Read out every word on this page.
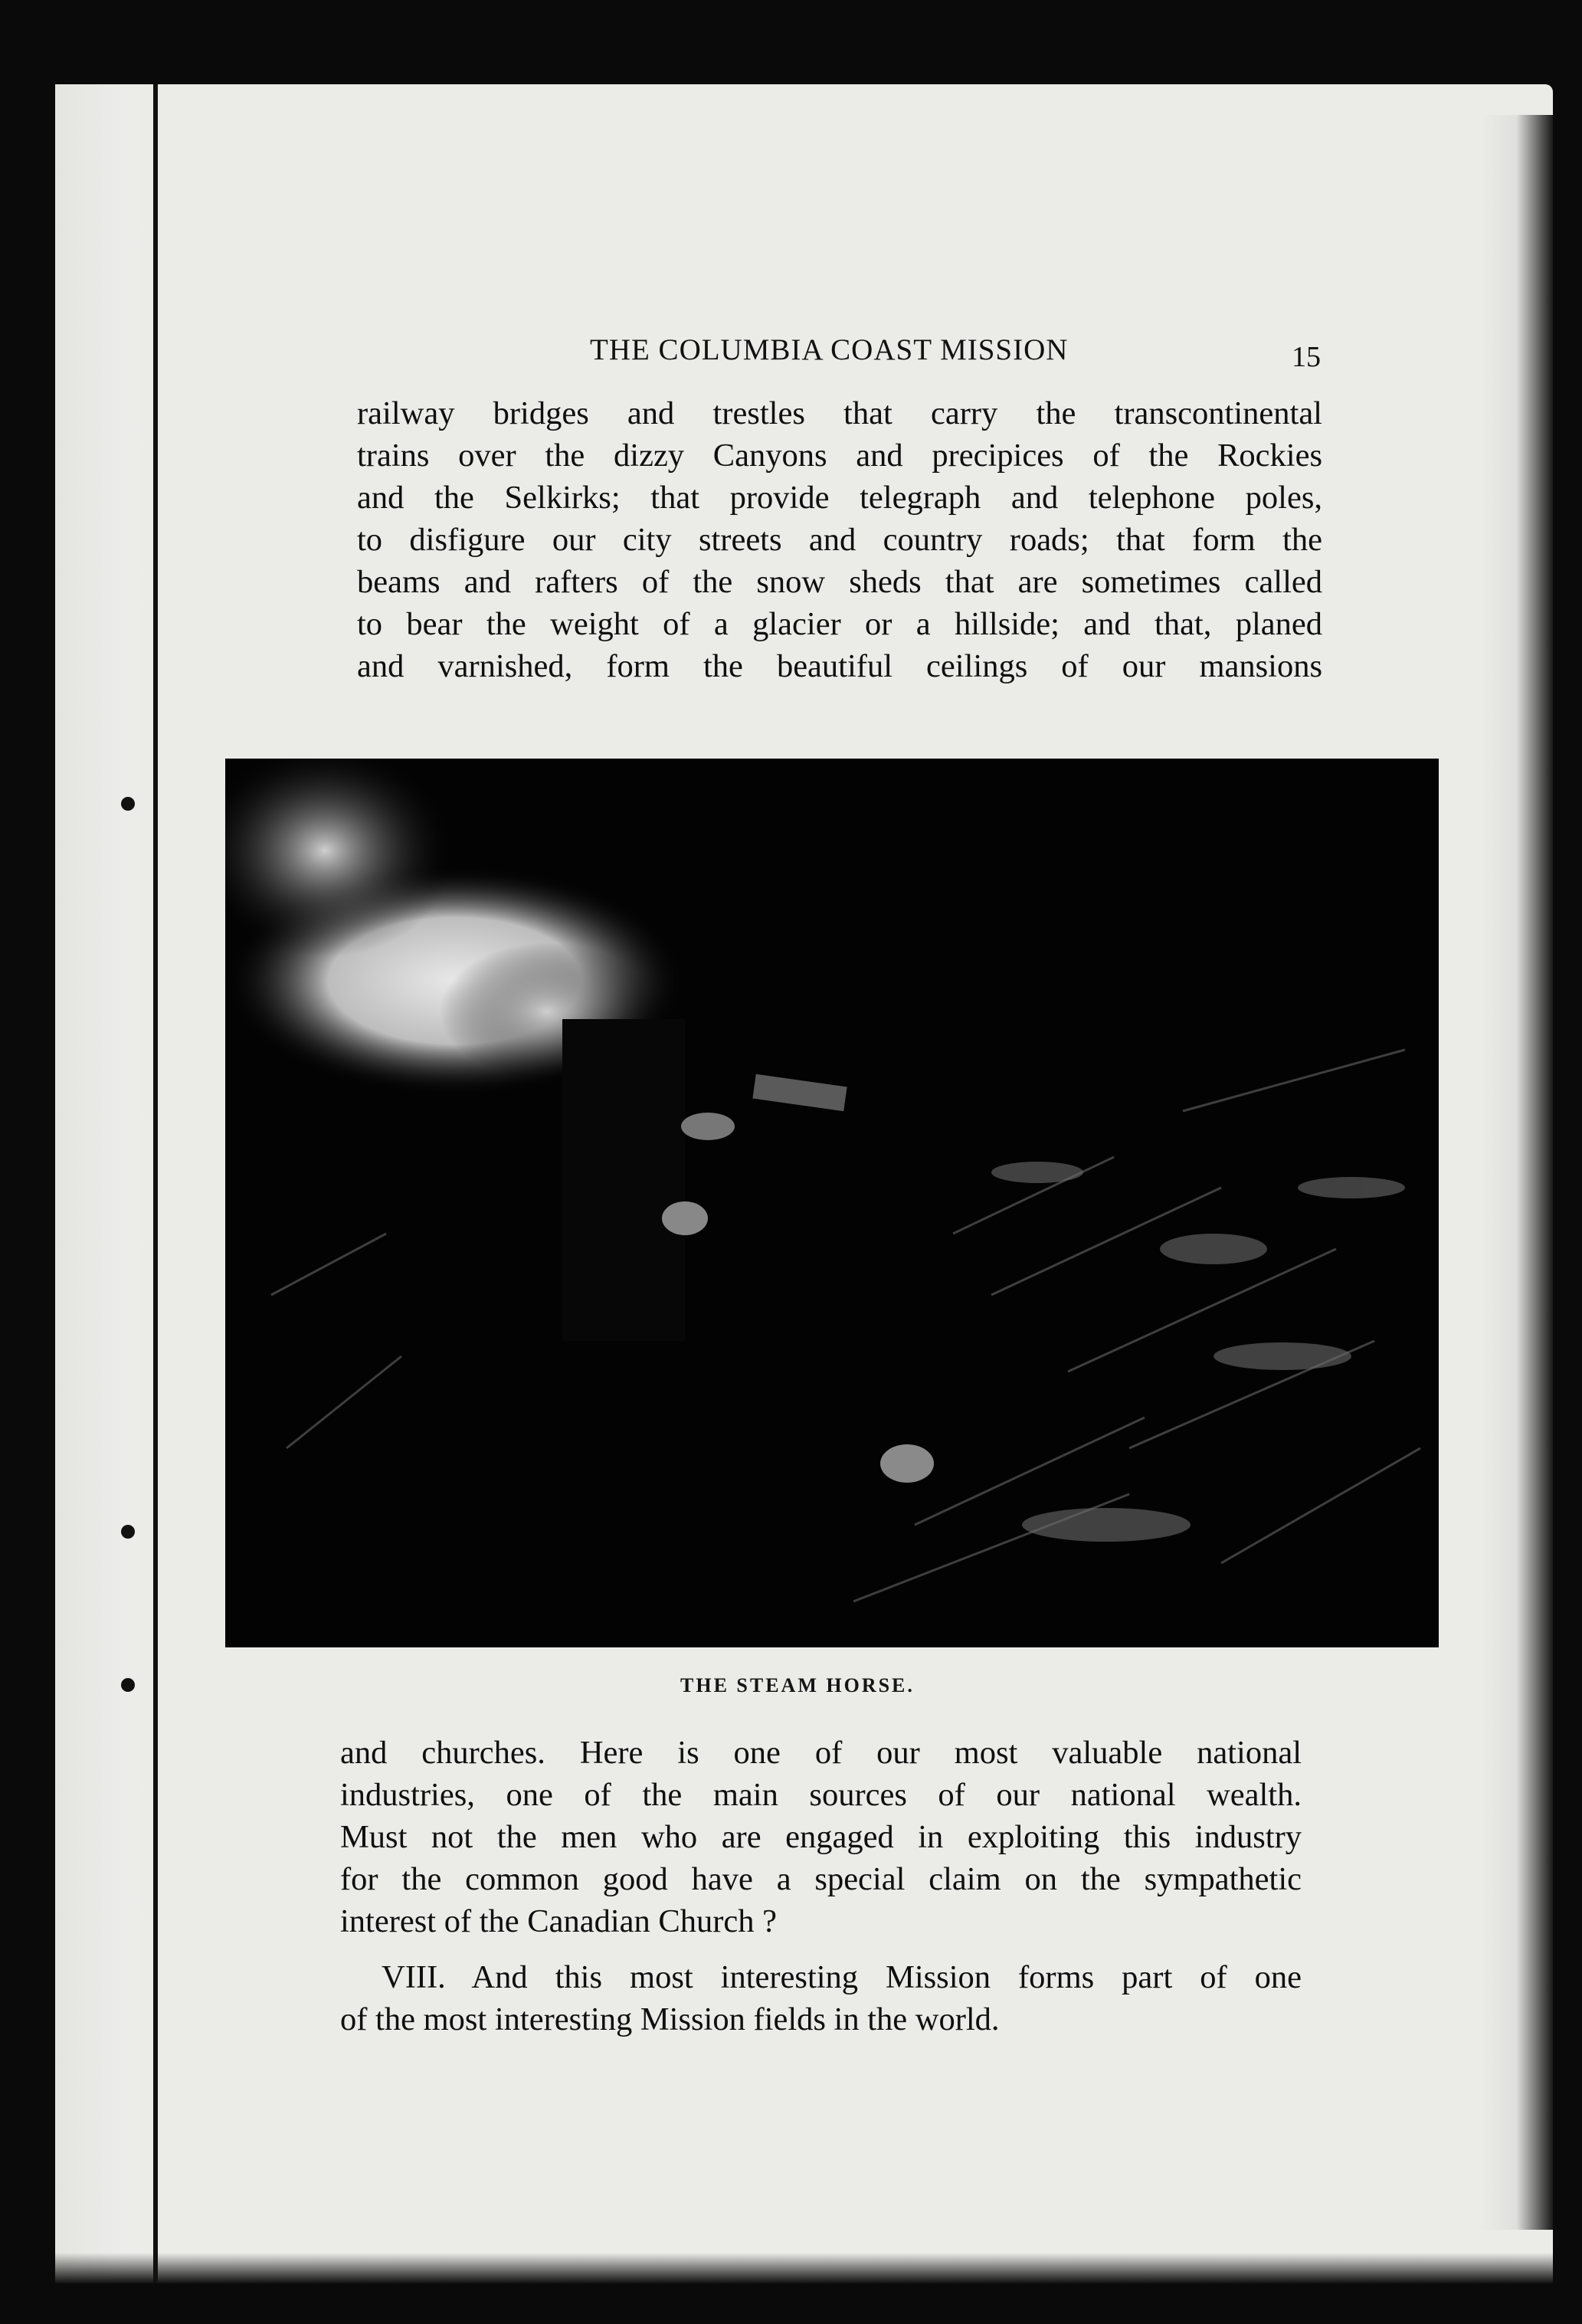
THE COLUMBIA COAST MISSION	15
railway bridges and trestles that carry the transcontinental
trains over the dizzy Canyons and precipices of the Rockies
and the Selkirks; that provide telegraph and telephone poles,
to disfigure our city streets and country roads; that form the
beams and rafters of the snow sheds that are sometimes called
to bear the weight of a glacier or a hillside; and that, planed
and varnished, form the beautiful ceilings of our mansions
THE STEAM HORSE.
and churches. Here is one of our most valuable national
industries, one of the main sources of our national wealth.
Must not the men who are engaged in exploiting this industry
for the common good have a special claim on the sympathetic
interest of the Canadian Church ?
VIII. And this most interesting Mission forms part of one
of the most interesting Mission fields in the world.
